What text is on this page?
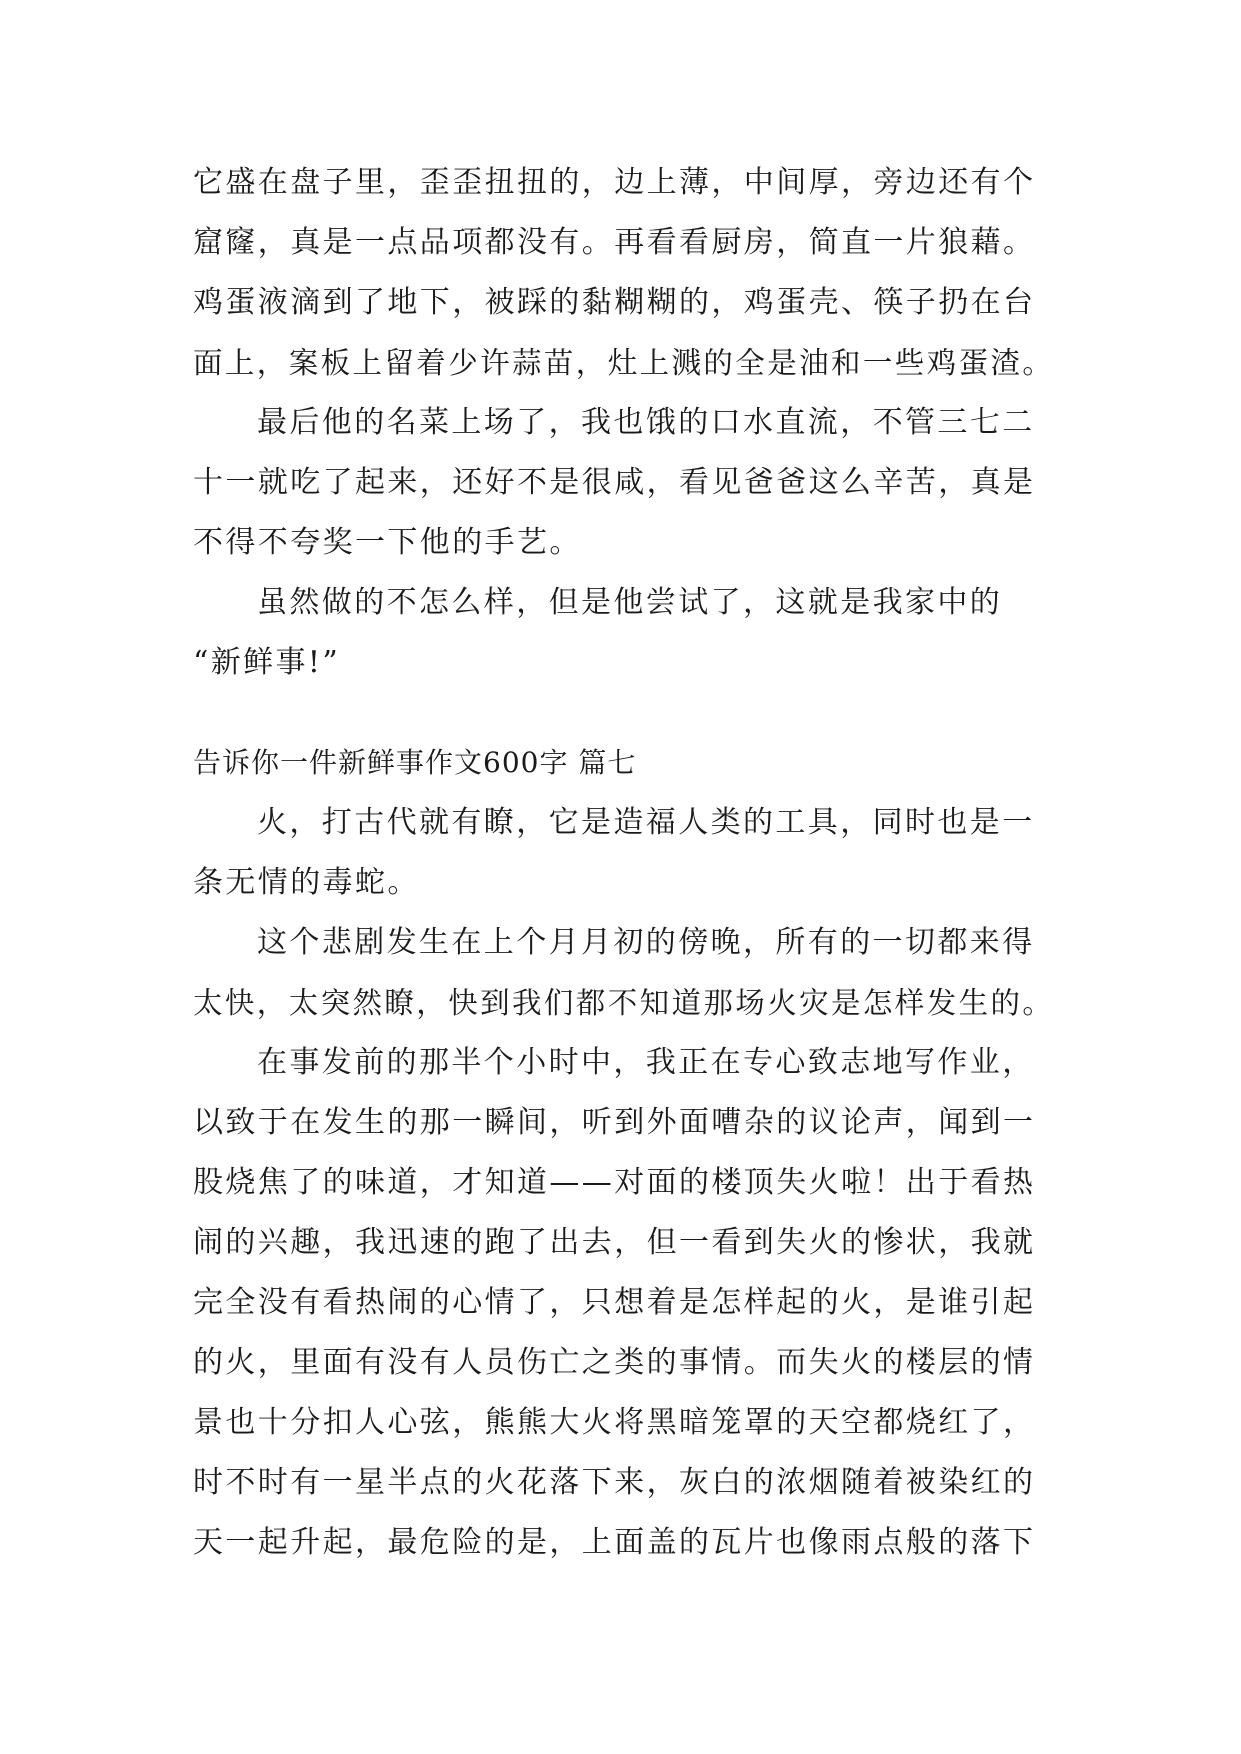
它盛在盘子里，歪歪扭扭的，边上薄，中间厚，旁边还有个
窟窿，真是一点品项都没有。再看看厨房，简直一片狼藉。
鸡蛋液滴到了地下，被踩的黏糊糊的，鸡蛋壳、筷子扔在台
面上，案板上留着少许蒜苗，灶上溅的全是油和一些鸡蛋渣。
最后他的名菜上场了，我也饿的口水直流，不管三七二
十一就吃了起来，还好不是很咸，看见爸爸这么辛苦，真是
不得不夸奖一下他的手艺。
虽然做的不怎么样，但是他尝试了，这就是我家中的
“新鲜事!”
告诉你一件新鲜事作文600字 篇七
火，打古代就有瞭，它是造福人类的工具，同时也是一
条无情的毒蛇。
这个悲剧发生在上个月月初的傍晚，所有的一切都来得
太快，太突然瞭，快到我们都不知道那场火灾是怎样发生的。
在事发前的那半个小时中，我正在专心致志地写作业，
以致于在发生的那一瞬间，听到外面嘈杂的议论声，闻到一
股烧焦了的味道，才知道——对面的楼顶失火啦！出于看热
闹的兴趣，我迅速的跑了出去，但一看到失火的惨状，我就
完全没有看热闹的心情了，只想着是怎样起的火，是谁引起
的火，里面有没有人员伤亡之类的事情。而失火的楼层的情
景也十分扣人心弦，熊熊大火将黑暗笼罩的天空都烧红了，
时不时有一星半点的火花落下来，灰白的浓烟随着被染红的
天一起升起，最危险的是，上面盖的瓦片也像雨点般的落下
